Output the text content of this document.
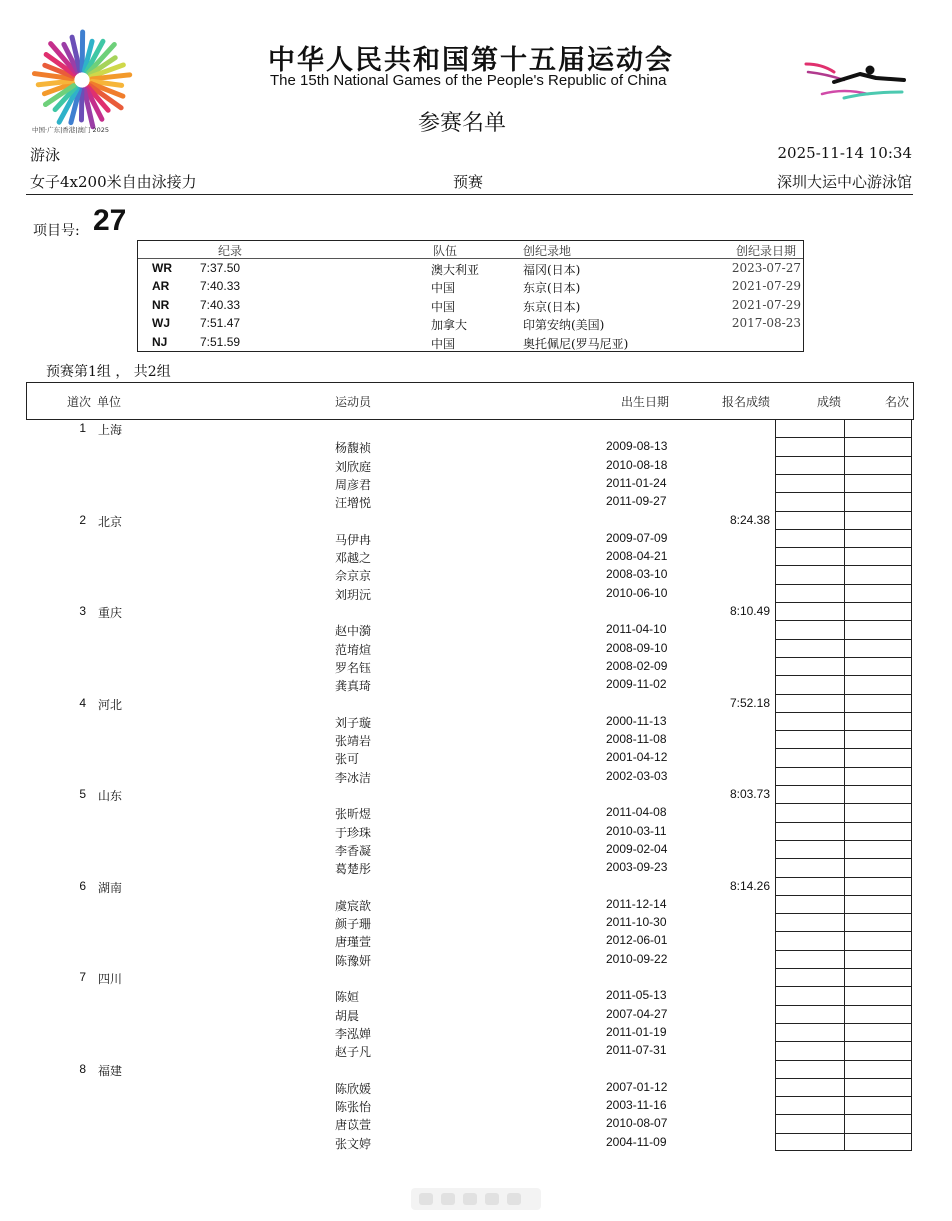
中国·广东|香港|澳门 2025
中华人民共和国第十五届运动会
The 15th National Games of the People's Republic of China
参赛名单
游泳	2025-11-14 10:34
女子4x200米自由泳接力	预赛	深圳大运中心游泳馆
项目号: 27
纪录	队伍	创纪录地	创纪录日期
WR 7:37.50	澳大利亚	福冈(日本)	2023-07-27
AR	7:40.33	中国	东京(日本)	2021-07-29
NR	7:40.33	中国	东京(日本)	2021-07-29
WJ	7:51.47	加拿大	印第安纳(美国)	2017-08-23
NJ	7:51.59	中国	奥托佩尼(罗马尼亚)
预赛第1组 ， 共2组
道次 单位	运动员	出生日期	报名成绩	成绩	名次
1 上海
杨馥祯	2009-08-13
刘欣庭	2010-08-18
周彦君	2011-01-24
汪增悦	2011-09-27
2 北京	8:24.38
马伊冉	2009-07-09
邓越之	2008-04-21
佘京京	2008-03-10
刘玥沅	2010-06-10
3 重庆	8:10.49
赵中漪	2011-04-10
范堉煊	2008-09-10
罗名钰	2008-02-09
龚真琦	2009-11-02
4 河北	7:52.18
刘子璇	2000-11-13
张靖岩	2008-11-08
张可	2001-04-12
李冰洁	2002-03-03
5 山东	8:03.73
张昕煜	2011-04-08
于珍珠	2010-03-11
李香凝	2009-02-04
葛楚彤	2003-09-23
6 湖南	8:14.26
虞宸歆	2011-12-14
颜子珊	2011-10-30
唐瑾萱	2012-06-01
陈豫妍	2010-09-22
7 四川
陈姮	2011-05-13
胡晨	2007-04-27
李泓婵	2011-01-19
赵子凡	2011-07-31
8 福建
陈欣媛	2007-01-12
陈张怡	2003-11-16
唐苡萱	2010-08-07
张文婷	2004-11-09
